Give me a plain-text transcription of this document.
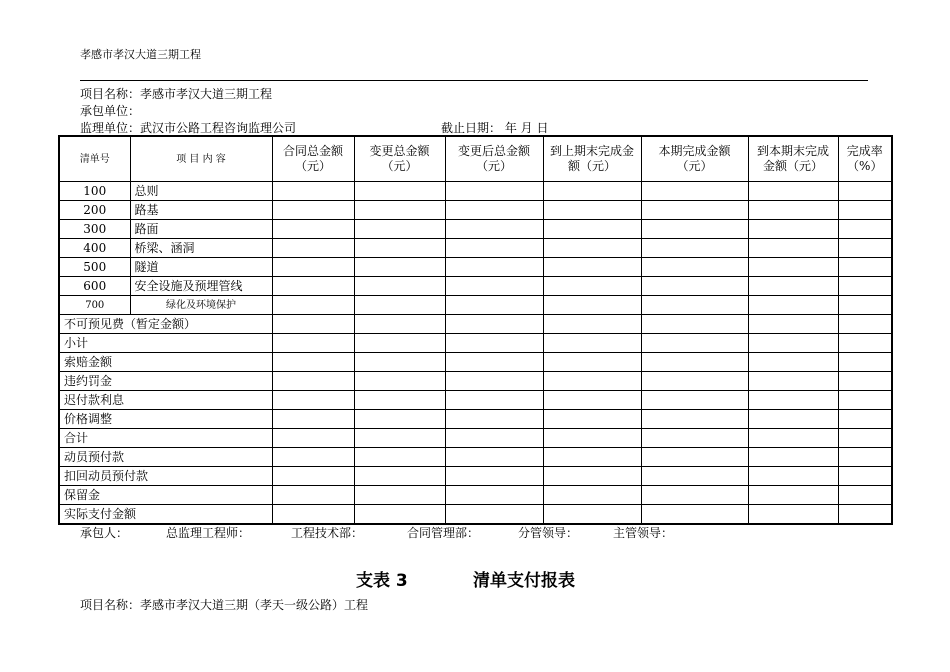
孝感市孝汉大道三期工程
项目名称：孝感市孝汉大道三期工程
承包单位：
监理单位：武汉市公路工程咨询监理公司	截止日期： 年 月 日
清单号	项 目 内 容	合同总金额（元）	变更总金额（元）	变更后总金额（元）	到上期末完成金额（元）	本期完成金额（元）	到本期末完成金额（元）	完成率（%）
100	总则							
200	路基							
300	路面							
400	桥梁、涵洞							
500	隧道							
600	安全设施及预埋管线							
700	绿化及环境保护							
不可预见费（暂定金额）								
小计								
索赔金额								
违约罚金								
迟付款利息								
价格调整								
合计								
动员预付款								
扣回动员预付款								
保留金								
实际支付金额								
承包人：	总监理工程师：	工程技术部：	合同管理部：	分管领导：	主管领导：
支表 3	清单支付报表
项目名称：孝感市孝汉大道三期（孝天一级公路）工程
